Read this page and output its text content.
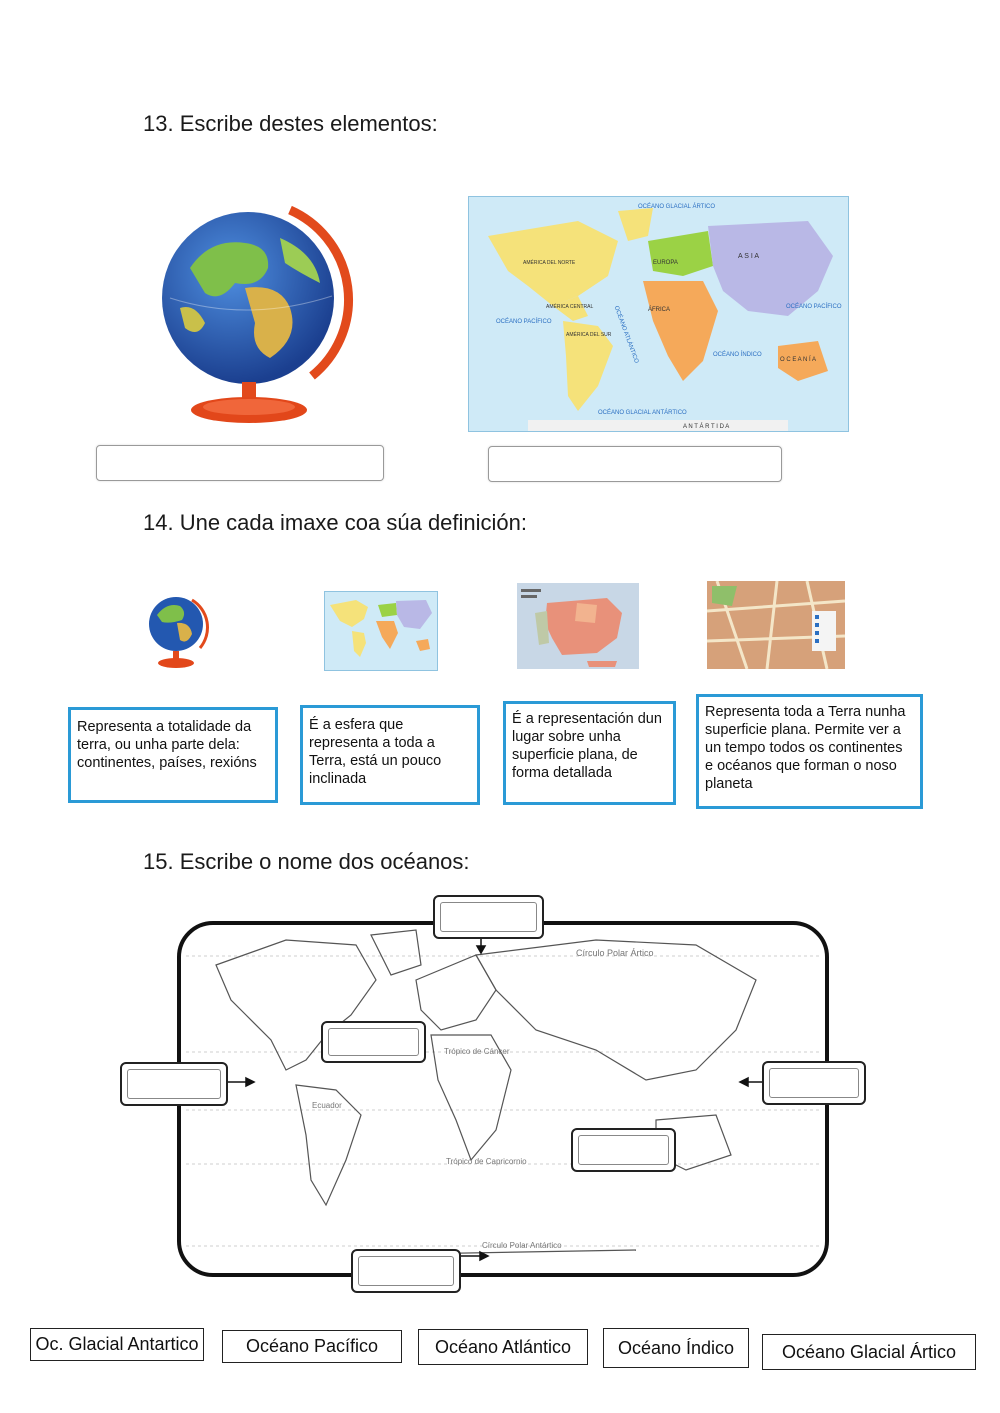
13. Escribe destes elementos:
OCÉANO GLACIAL ÁRTICO
AMÉRICA DEL NORTE
AMÉRICA CENTRAL
AMÉRICA DEL SUR
EUROPA
A S I A
ÁFRICA
O C E A N Í A
OCÉANO PACÍFICO
OCÉANO PACÍFICO
OCÉANO ATLÁNTICO	OCÉANO ÍNDICO
OCÉANO GLACIAL ANTÁRTICO
A N T Á R T I D A
14. Une cada imaxe coa súa definición:
Representa a totalidade da terra, ou unha parte dela: continentes, países, rexións
É a esfera que representa a toda a Terra, está un pouco inclinada
É a representación dun lugar sobre unha superficie plana, de forma detallada
Representa toda a Terra nunha superficie plana. Permite ver a un tempo todos os continentes e océanos que forman o noso planeta
15. Escribe o nome dos océanos:
Círculo Polar Ártico
Trópico de Cáncer
Ecuador
Trópico de Capricornio
Círculo Polar Antártico
Oc. Glacial Antartico	Océano Pacífico	Océano Atlántico	Océano Índico	Océano Glacial Ártico
